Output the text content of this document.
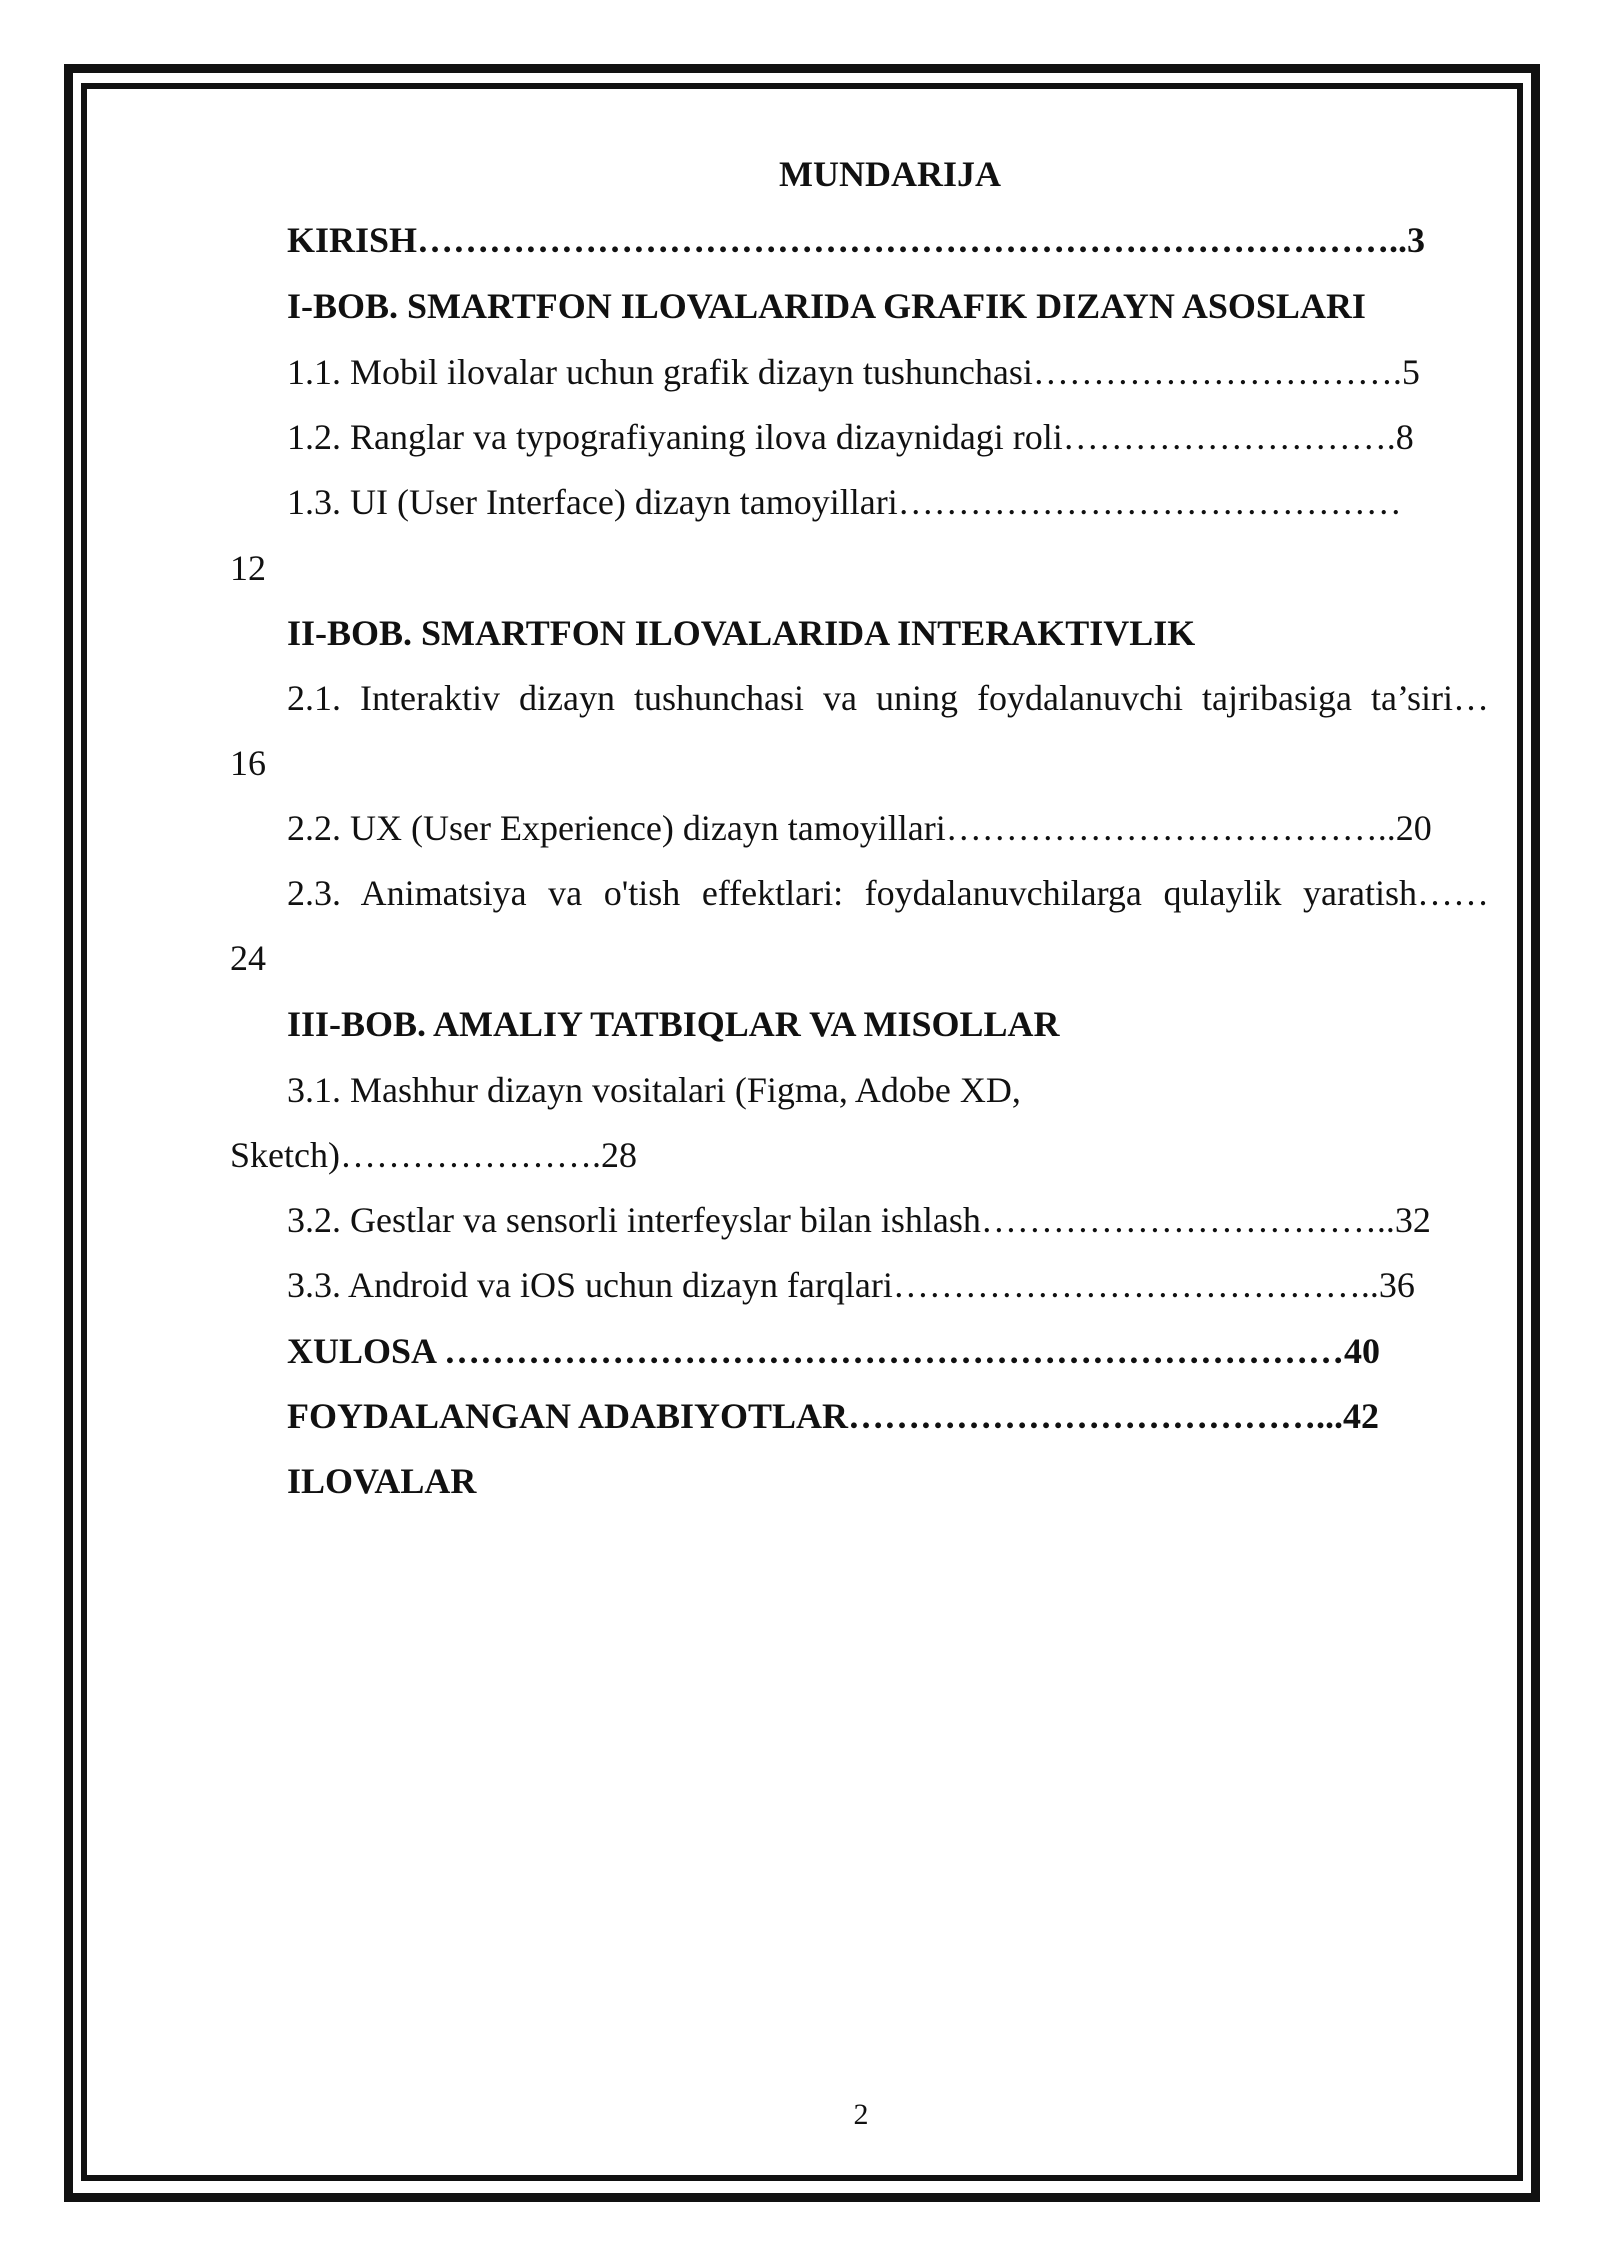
MUNDARIJA
KIRISH………………………………………………………………………..3
I-BOB. SMARTFON ILOVALARIDA GRAFIK DIZAYN ASOSLARI
1.1. Mobil ilovalar uchun grafik dizayn tushunchasi………………………….5
1.2. Ranglar va typografiyaning ilova dizaynidagi roli……………………….8
1.3. UI (User Interface) dizayn tamoyillari……………………………………
12
II-BOB. SMARTFON ILOVALARIDA INTERAKTIVLIK
2.1. Interaktiv dizayn tushunchasi va uning foydalanuvchi tajribasiga ta’siri…
16
2.2. UX (User Experience) dizayn tamoyillari………………………………..20
2.3. Animatsiya va o'tish effektlari: foydalanuvchilarga qulaylik yaratish……
24
III-BOB. AMALIY TATBIQLAR VA MISOLLAR
3.1. Mashhur dizayn vositalari (Figma, Adobe XD,
Sketch)………………….28
3.2. Gestlar va sensorli interfeyslar bilan ishlash……………………………..32
3.3. Android va iOS uchun dizayn farqlari…………………………………..36
XULOSA …………………………………………………………………40
FOYDALANGAN ADABIYOTLAR…………………………………...42
ILOVALAR
2
